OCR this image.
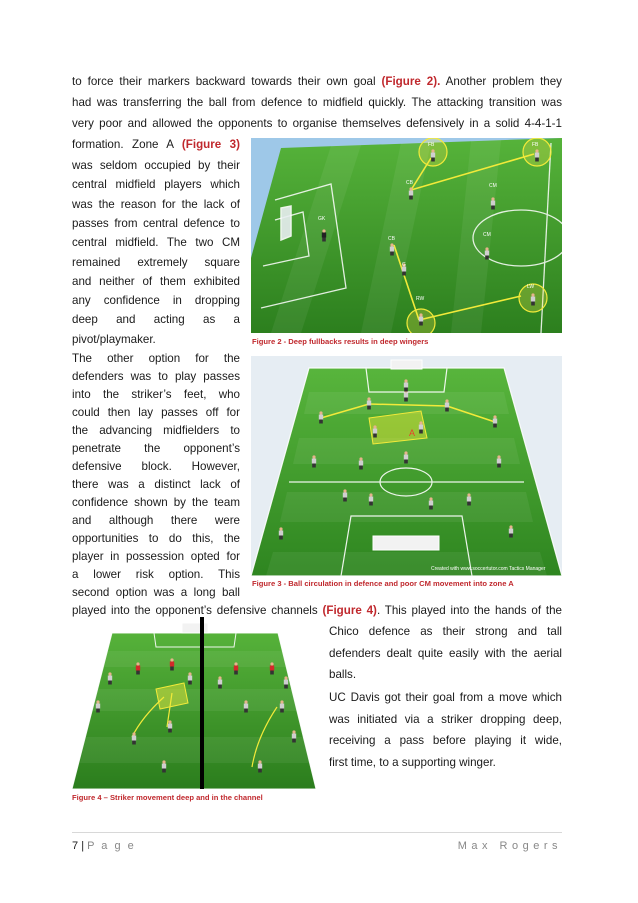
to force their markers backward towards their own goal (Figure 2). Another problem they

had was transferring the ball from defence to midfield quickly. The attacking transition was

very poor and allowed the opponents to organise themselves defensively in a solid 4-4-1-1

formation. Zone A (Figure 3)

was seldom occupied by their

central midfield players which

was the reason for the lack of

passes from central defence to

central midfield. The two CM

remained extremely square

and neither of them exhibited

any confidence in dropping

deep and acting as a

pivot/playmaker.

The other option for the

defenders was to play passes

into the striker’s feet, who

could then lay passes off for

the advancing midfielders to

penetrate the opponent’s

defensive block. However,

there was a distinct lack of

confidence shown by the team

and although there were

opportunities to do this, the

player in possession opted for

a lower risk option. This

second option was a long ball

played into the opponent’s defensive channels (Figure 4). This played into the hands of the

Chico defence as their strong and tall

defenders dealt quite easily with the aerial

balls.

UC Davis got their goal from a move which

was initiated via a striker dropping deep,

receiving a pass before playing it wide,

first time, to a supporting winger.

FB	FB
CB	CM
GK
CB
CM
G
RW
LW
Figure 2 - Deep fullbacks results in deep wingers
A
Created with www.soccertutor.com Tactics Manager
Figure 3 - Ball circulation in defence and poor CM movement into zone A
Figure 4 – Striker movement deep and in the channel
7 | P a g e	Max Rogers
